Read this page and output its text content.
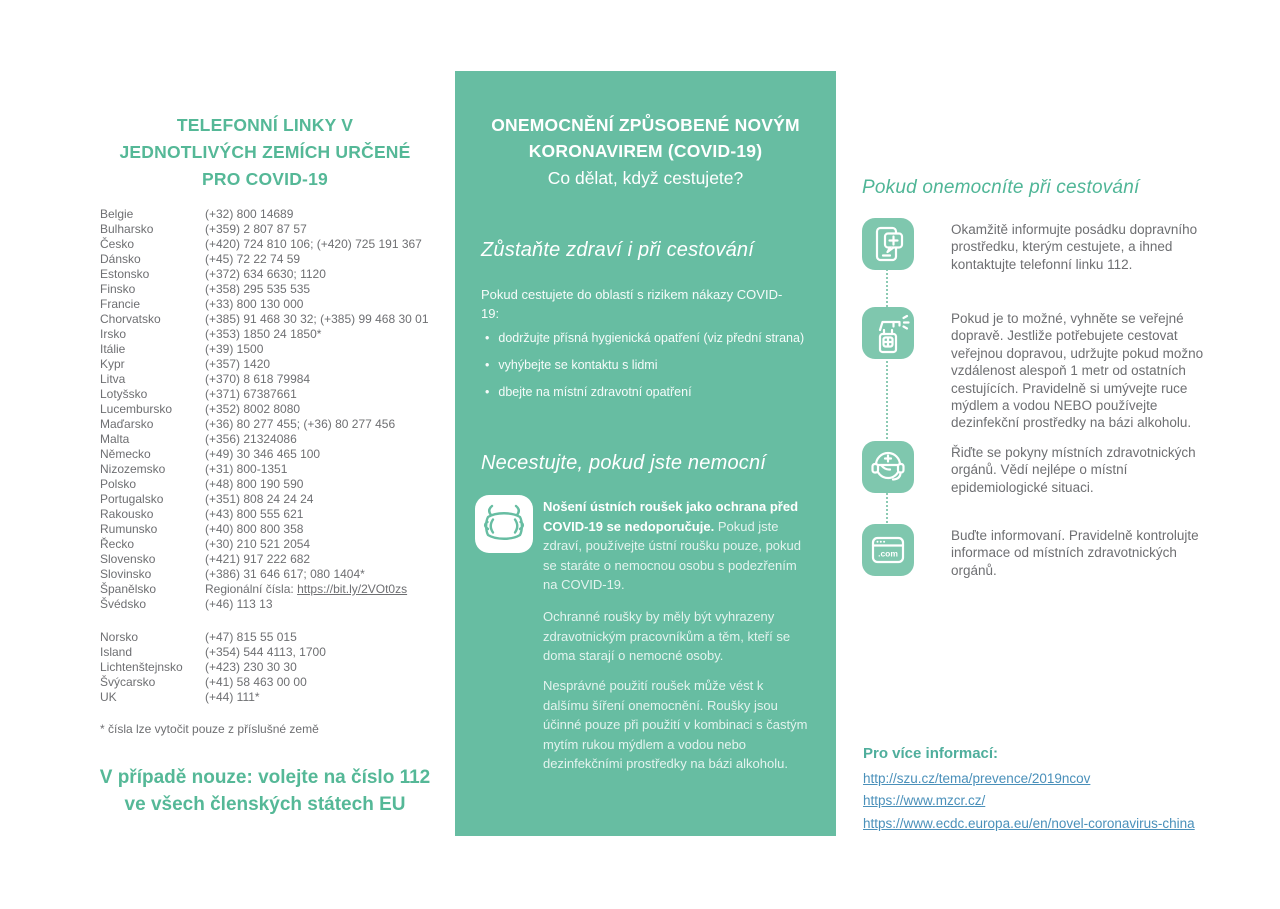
TELEFONNÍ LINKY V
JEDNOTLIVÝCH ZEMÍCH URČENÉ
PRO COVID-19
Belgie	(+32) 800 14689
Bulharsko	(+359) 2 807 87 57
Česko	(+420) 724 810 106; (+420) 725 191 367
Dánsko	(+45) 72 22 74 59
Estonsko	(+372) 634 6630; 1120
Finsko	(+358) 295 535 535
Francie	(+33) 800 130 000
Chorvatsko	(+385) 91 468 30 32; (+385) 99 468 30 01
Irsko	(+353) 1850 24 1850*
Itálie	(+39) 1500
Kypr	(+357) 1420
Litva	(+370) 8 618 79984
Lotyšsko	(+371) 67387661
Lucembursko	(+352) 8002 8080
Maďarsko	(+36) 80 277 455; (+36) 80 277 456
Malta	(+356) 21324086
Německo	(+49) 30 346 465 100
Nizozemsko	(+31) 800-1351
Polsko	(+48) 800 190 590
Portugalsko	(+351) 808 24 24 24
Rakousko	(+43) 800 555 621
Rumunsko	(+40) 800 800 358
Řecko	(+30) 210 521 2054
Slovensko	(+421) 917 222 682
Slovinsko	(+386) 31 646 617; 080 1404*
Španělsko	Regionální čísla: https://bit.ly/2VOt0zs
Švédsko	(+46) 113 13
Norsko	(+47) 815 55 015
Island	(+354) 544 4113, 1700
Lichtenštejnsko (+423) 230 30 30
Švýcarsko	(+41) 58 463 00 00
UK	(+44) 111*
* čísla lze vytočit pouze z příslušné země
V případě nouze: volejte na číslo 112
ve všech členských státech EU
ONEMOCNĚNÍ ZPŮSOBENÉ NOVÝM
KORONAVIREM (COVID-19)
Co dělat, když cestujete?
Zůstaňte zdraví i při cestování
Pokud cestujete do oblastí s rizikem nákazy COVID-19:
• dodržujte přísná hygienická opatření (viz přední strana)
• vyhýbejte se kontaktu s lidmi
• dbejte na místní zdravotní opatření
Necestujte, pokud jste nemocní
Nošení ústních roušek jako ochrana před COVID-19 se nedoporučuje. Pokud jste zdraví, používejte ústní roušku pouze, pokud se staráte o nemocnou osobu s podezřením na COVID-19.
Ochranné roušky by měly být vyhrazeny zdravotnickým pracovníkům a těm, kteří se doma starají o nemocné osoby.
Nesprávné použití roušek může vést k dalšímu šíření onemocnění. Roušky jsou účinné pouze při použití v kombinaci s častým mytím rukou mýdlem a vodou nebo dezinfekčními prostředky na bázi alkoholu.
Pokud onemocníte při cestování
Okamžitě informujte posádku dopravního prostředku, kterým cestujete, a ihned kontaktujte telefonní linku 112.
Pokud je to možné, vyhněte se veřejné dopravě. Jestliže potřebujete cestovat veřejnou dopravou, udržujte pokud možno vzdálenost alespoň 1 metr od ostatních cestujících. Pravidelně si umývejte ruce mýdlem a vodou NEBO používejte dezinfekční prostředky na bázi alkoholu.
Řiďte se pokyny místních zdravotnických orgánů. Vědí nejlépe o místní epidemiologické situaci.
.com
Buďte informovaní. Pravidelně kontrolujte informace od místních zdravotnických orgánů.
Pro více informací:
http://szu.cz/tema/prevence/2019ncov
https://www.mzcr.cz/
https://www.ecdc.europa.eu/en/novel-coronavirus-china
